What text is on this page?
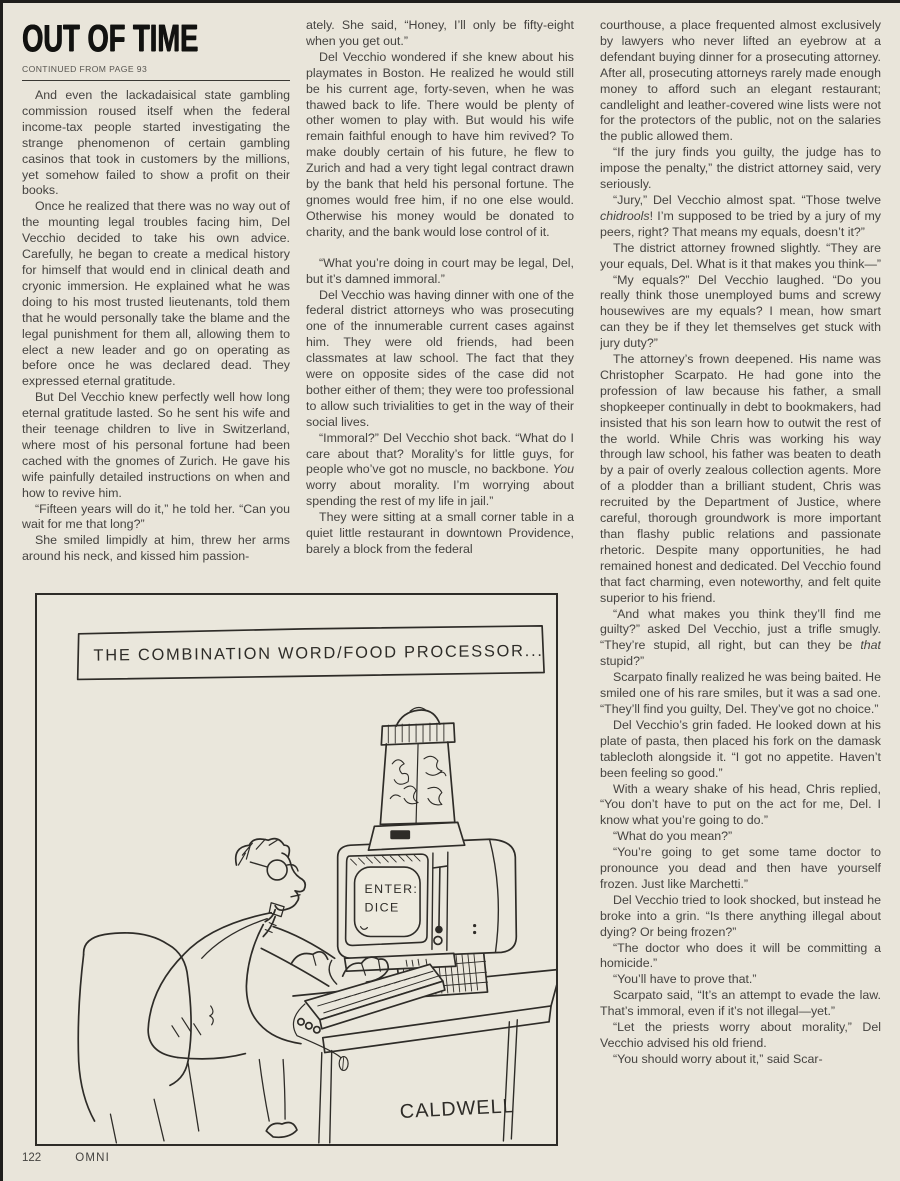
OUT OF TIME

CONTINUED FROM PAGE 93

And even the lackadaisical state gambling commission roused itself when the federal income-tax people started investigating the strange phenomenon of certain gambling casinos that took in customers by the millions, yet somehow failed to show a profit on their books.

Once he realized that there was no way out of the mounting legal troubles facing him, Del Vecchio decided to take his own advice. Carefully, he began to create a medical history for himself that would end in clinical death and cryonic immersion. He explained what he was doing to his most trusted lieutenants, told them that he would personally take the blame and the legal punishment for them all, allowing them to elect a new leader and go on operating as before once he was declared dead. They expressed eternal gratitude.

But Del Vecchio knew perfectly well how long eternal gratitude lasted. So he sent his wife and their teenage children to live in Switzerland, where most of his personal fortune had been cached with the gnomes of Zurich. He gave his wife painfully detailed instructions on when and how to revive him.

“Fifteen years will do it,” he told her. “Can you wait for me that long?”

She smiled limpidly at him, threw her arms around his neck, and kissed him passion-

ately. She said, “Honey, I’ll only be fifty-eight when you get out.”

Del Vecchio wondered if she knew about his playmates in Boston. He realized he would still be his current age, forty-seven, when he was thawed back to life. There would be plenty of other women to play with. But would his wife remain faithful enough to have him revived? To make doubly certain of his future, he flew to Zurich and had a very tight legal contract drawn by the bank that held his personal fortune. The gnomes would free him, if no one else would. Otherwise his money would be donated to charity, and the bank would lose control of it.

“What you’re doing in court may be legal, Del, but it’s damned immoral.”

Del Vecchio was having dinner with one of the federal district attorneys who was prosecuting one of the innumerable current cases against him. They were old friends, had been classmates at law school. The fact that they were on opposite sides of the case did not bother either of them; they were too professional to allow such trivialities to get in the way of their social lives.

“Immoral?” Del Vecchio shot back. “What do I care about that? Morality’s for little guys, for people who’ve got no muscle, no backbone. You worry about morality. I’m worrying about spending the rest of my life in jail.”

They were sitting at a small corner table in a quiet little restaurant in downtown Providence, barely a block from the federal

courthouse, a place frequented almost exclusively by lawyers who never lifted an eyebrow at a defendant buying dinner for a prosecuting attorney. After all, prosecuting attorneys rarely made enough money to afford such an elegant restaurant; candlelight and leather-covered wine lists were not for the protectors of the public, not on the salaries the public allowed them.

“If the jury finds you guilty, the judge has to impose the penalty,” the district attorney said, very seriously.

“Jury,” Del Vecchio almost spat. “Those twelve chidrools! I’m supposed to be tried by a jury of my peers, right? That means my equals, doesn’t it?”

The district attorney frowned slightly. “They are your equals, Del. What is it that makes you think—”

“My equals?” Del Vecchio laughed. “Do you really think those unemployed bums and screwy housewives are my equals? I mean, how smart can they be if they let themselves get stuck with jury duty?”

The attorney’s frown deepened. His name was Christopher Scarpato. He had gone into the profession of law because his father, a small shopkeeper continually in debt to bookmakers, had insisted that his son learn how to outwit the rest of the world. While Chris was working his way through law school, his father was beaten to death by a pair of overly zealous collection agents. More of a plodder than a brilliant student, Chris was recruited by the Department of Justice, where careful, thorough groundwork is more important than flashy public relations and passionate rhetoric. Despite many opportunities, he had remained honest and dedicated. Del Vecchio found that fact charming, even noteworthy, and felt quite superior to his friend.

“And what makes you think they’ll find me guilty?” asked Del Vecchio, just a trifle smugly. “They’re stupid, all right, but can they be that stupid?”

Scarpato finally realized he was being baited. He smiled one of his rare smiles, but it was a sad one. “They’ll find you guilty, Del. They’ve got no choice.”

Del Vecchio’s grin faded. He looked down at his plate of pasta, then placed his fork on the damask tablecloth alongside it. “I got no appetite. Haven’t been feeling so good.”

With a weary shake of his head, Chris replied, “You don’t have to put on the act for me, Del. I know what you’re going to do.”

“What do you mean?”

“You’re going to get some tame doctor to pronounce you dead and then have yourself frozen. Just like Marchetti.”

Del Vecchio tried to look shocked, but instead he broke into a grin. “Is there anything illegal about dying? Or being frozen?”

“The doctor who does it will be committing a homicide.”

“You’ll have to prove that.”

Scarpato said, “It’s an attempt to evade the law. That’s immoral, even if it’s not illegal—yet.”

“Let the priests worry about morality,” Del Vecchio advised his old friend.

“You should worry about it,” said Scar-

THE COMBINATION WORD/FOOD PROCESSOR...
ENTER:
DICE
CALDWELL
122	OMNI
